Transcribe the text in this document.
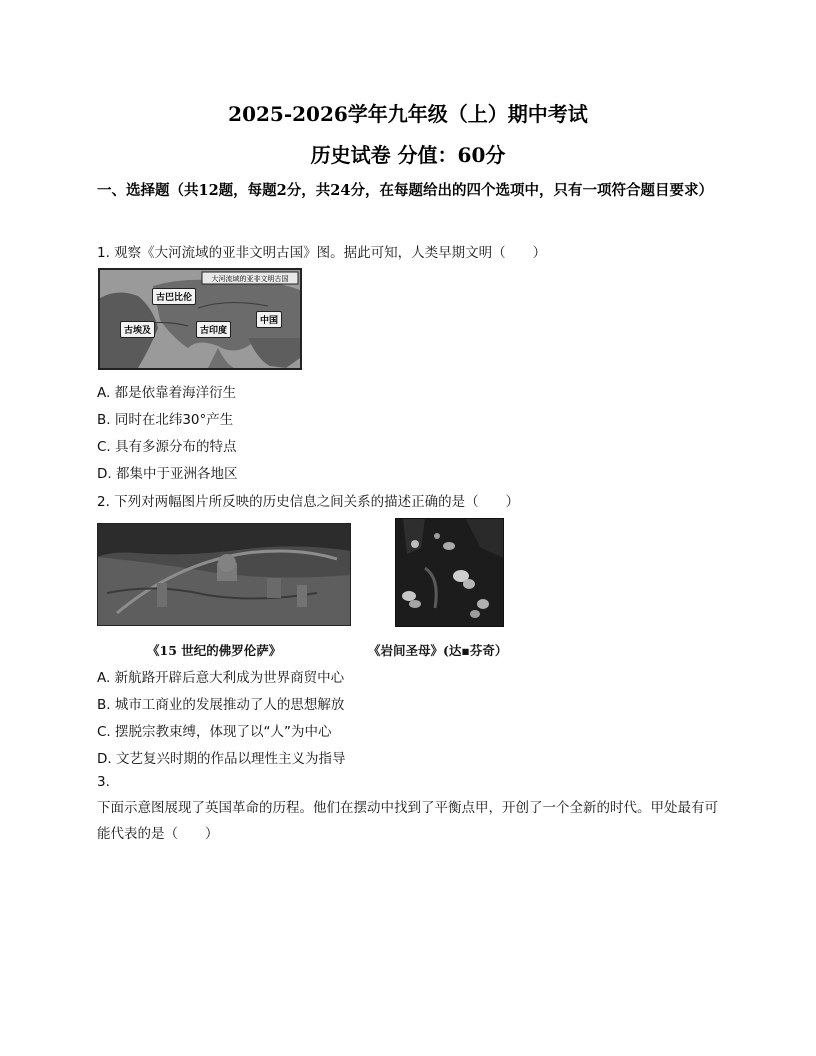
2025-2026学年九年级（上）期中考试
历史试卷 分值：60分
一、选择题（共12题，每题2分，共24分，在每题给出的四个选项中，只有一项符合题目要求）
1. 观察《大河流域的亚非文明古国》图。据此可知，人类早期文明（　　）
大河流域的亚非文明古国
古巴比伦
古埃及	古印度
中国
A. 都是依靠着海洋衍生
B. 同时在北纬30°产生
C. 具有多源分布的特点
D. 都集中于亚洲各地区
2. 下列对两幅图片所反映的历史信息之间关系的描述正确的是（　　）
《15 世纪的佛罗伦萨》	《岩间圣母》(达▪芬奇）
A. 新航路开辟后意大利成为世界商贸中心
B. 城市工商业的发展推动了人的思想解放
C. 摆脱宗教束缚，体现了以“人”为中心
D. 文艺复兴时期的作品以理性主义为指导
3.
下面示意图展现了英国革命的历程。他们在摆动中找到了平衡点甲，开创了一个全新的时代。甲处最有可能代表的是（　　）
